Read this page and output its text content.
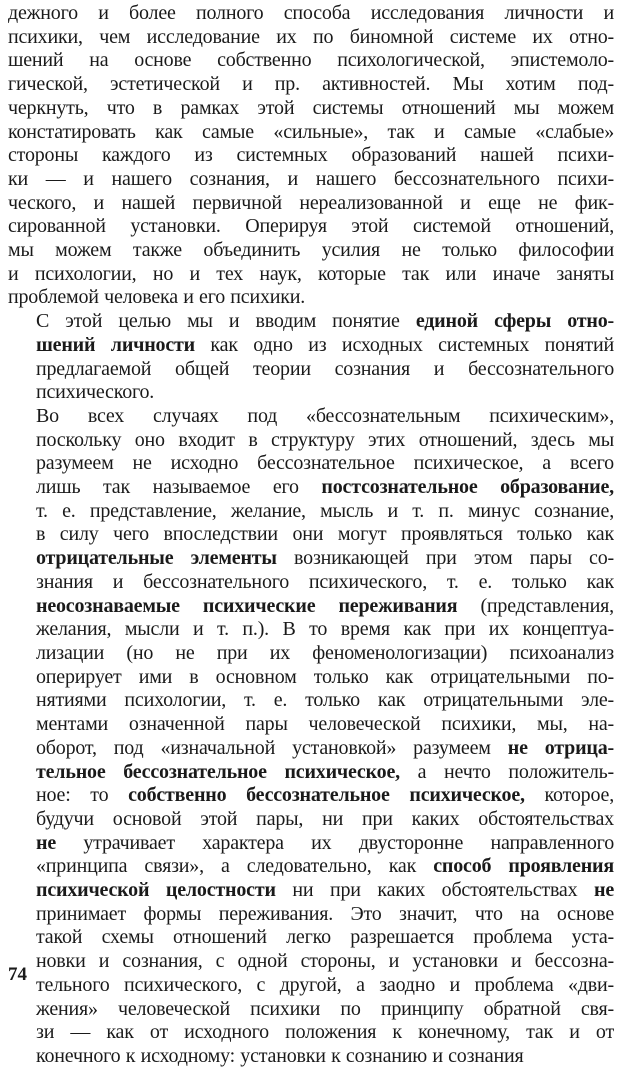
дежного и более полного способа исследования личности и
психики, чем исследование их по биномной системе их отно-
шений на основе собственно психологической, эпистемоло-
гической, эстетической и пр. активностей. Мы хотим под-
черкнуть, что в рамках этой системы отношений мы можем
констатировать как самые «сильные», так и самые «слабые»
стороны каждого из системных образований нашей психи-
ки — и нашего сознания, и нашего бессознательного психи-
ческого, и нашей первичной нереализованной и еще не фик-
сированной установки. Оперируя этой системой отношений,
мы можем также объединить усилия не только философии
и психологии, но и тех наук, которые так или иначе заняты
проблемой человека и его психики.

С этой целью мы и вводим понятие единой сферы отно-
шений личности как одно из исходных системных понятий
предлагаемой общей теории сознания и бессознательного
психического.

Во всех случаях под «бессознательным психическим»,
поскольку оно входит в структуру этих отношений, здесь мы
разумеем не исходно бессознательное психическое, а всего
лишь так называемое его постсознательное образование,
т. е. представление, желание, мысль и т. п. минус сознание,
в силу чего впоследствии они могут проявляться только как
отрицательные элементы возникающей при этом пары со-
знания и бессознательного психического, т. е. только как
неосознаваемые психические переживания (представления,
желания, мысли и т. п.). В то время как при их концептуа-
лизации (но не при их феноменологизации) психоанализ
оперирует ими в основном только как отрицательными по-
нятиями психологии, т. е. только как отрицательными эле-
ментами означенной пары человеческой психики, мы, на-
оборот, под «изначальной установкой» разумеем не отрица-
тельное бессознательное психическое, а нечто положитель-
ное: то собственно бессознательное психическое, которое,
будучи основой этой пары, ни при каких обстоятельствах
не утрачивает характера их двусторонне направленного
«принципа связи», а следовательно, как способ проявления
психической целостности ни при каких обстоятельствах не
принимает формы переживания. Это значит, что на основе
такой схемы отношений легко разрешается проблема уста-
новки и сознания, с одной стороны, и установки и бессозна-
тельного психического, с другой, а заодно и проблема «дви-
жения» человеческой психики по принципу обратной свя-
зи — как от исходного положения к конечному, так и от
конечного к исходному: установки к сознанию и сознания

74
